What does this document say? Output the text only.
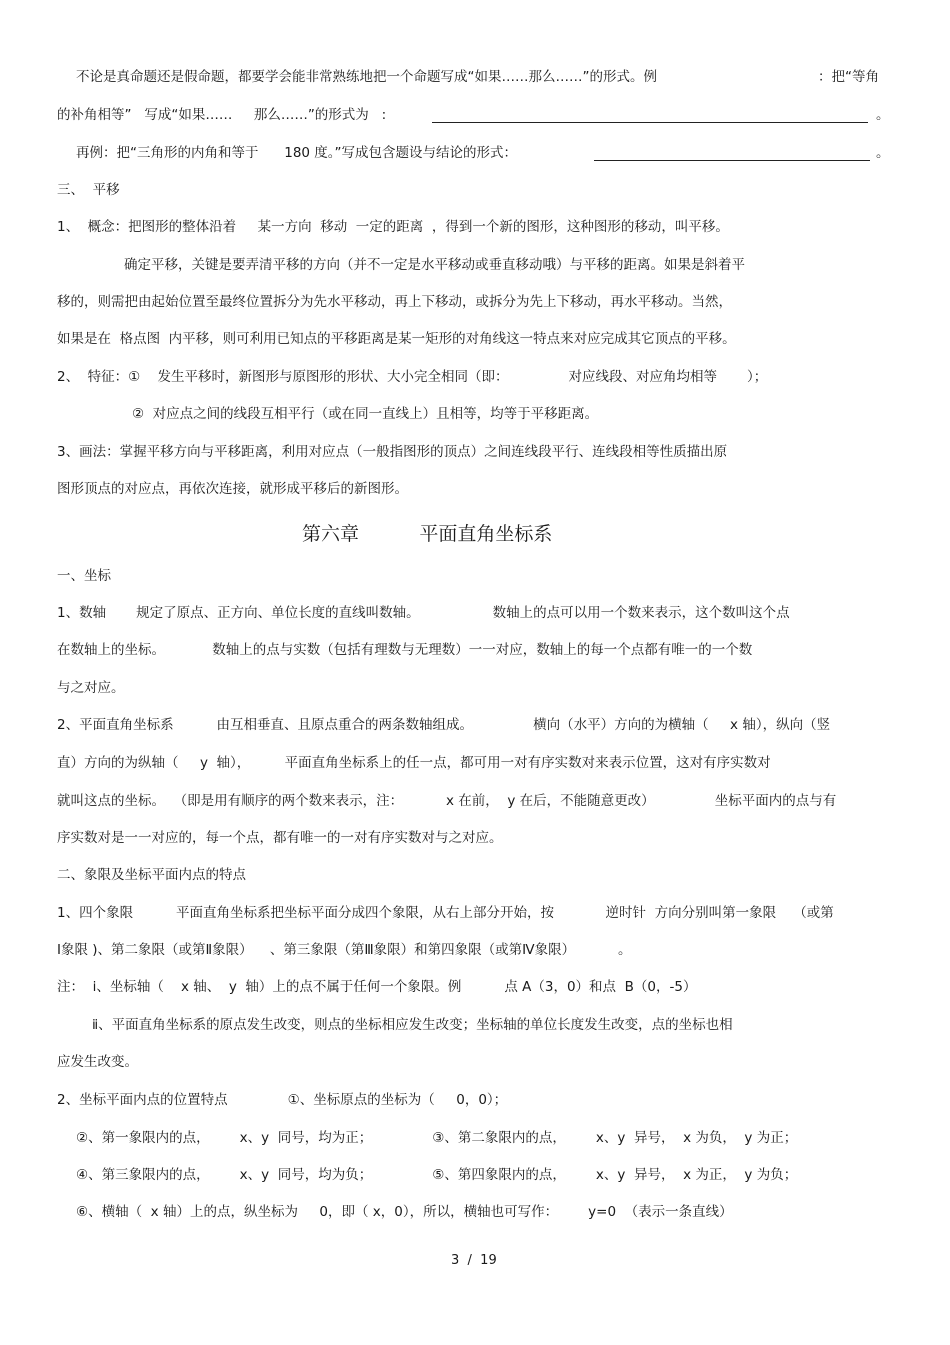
不论是真命题还是假命题，都要学会能非常熟练地把一个命题写成“如果……那么……”的形式。例	：把“等角
的补角相等”   写成“如果……     那么……”的形式为   :	。
再例：把“三角形的内角和等于      180 度。”写成包含题设与结论的形式：	。
三、  平移
1、  概念：把图形的整体沿着     某一方向  移动  一定的距离  ，得到一个新的图形，这种图形的移动，叫平移。
确定平移，关键是要弄清平移的方向（并不一定是水平移动或垂直移动哦）与平移的距离。如果是斜着平
移的，则需把由起始位置至最终位置拆分为先水平移动，再上下移动，或拆分为先上下移动，再水平移动。当然，
如果是在  格点图  内平移，则可利用已知点的平移距离是某一矩形的对角线这一特点来对应完成其它顶点的平移。
2、  特征：①    发生平移时，新图形与原图形的形状、大小完全相同（即：              对应线段、对应角均相等       ）；
②  对应点之间的线段互相平行（或在同一直线上）且相等，均等于平移距离。
3、画法：掌握平移方向与平移距离，利用对应点（一般指图形的顶点）之间连线段平行、连线段相等性质描出原
图形顶点的对应点，再依次连接，就形成平移后的新图形。
第六章          平面直角坐标系
一、坐标
1、数轴       规定了原点、正方向、单位长度的直线叫数轴。                 数轴上的点可以用一个数来表示，这个数叫这个点
在数轴上的坐标。           数轴上的点与实数（包括有理数与无理数）一一对应，数轴上的每一个点都有唯一的一个数
与之对应。
2、平面直角坐标系          由互相垂直、且原点重合的两条数轴组成。              横向（水平）方向的为横轴（     x 轴），纵向（竖
直）方向的为纵轴（     y  轴），        平面直角坐标系上的任一点，都可用一对有序实数对来表示位置，这对有序实数对
就叫这点的坐标。  （即是用有顺序的两个数来表示，注：          x 在前，  y 在后，不能随意更改）              坐标平面内的点与有
序实数对是一一对应的，每一个点，都有唯一的一对有序实数对与之对应。
二、象限及坐标平面内点的特点
1、四个象限          平面直角坐标系把坐标平面分成四个象限，从右上部分开始，按            逆时针  方向分别叫第一象限    （或第
Ⅰ象限 )、第二象限（或第Ⅱ象限）    、第三象限（第Ⅲ象限）和第四象限（或第Ⅳ象限）          。
注：  ⅰ、坐标轴（    x 轴、  y  轴）上的点不属于任何一个象限。例          点 A（3，0）和点  B（0，-5）
ⅱ、平面直角坐标系的原点发生改变，则点的坐标相应发生改变；坐标轴的单位长度发生改变，点的坐标也相
应发生改变。
2、坐标平面内点的位置特点              ①、坐标原点的坐标为（     0，0）；
②、第一象限内的点，       x、y  同号，均为正；              ③、第二象限内的点，       x、y  异号，  x 为负，  y 为正；
④、第三象限内的点，       x、y  同号，均为负；              ⑤、第四象限内的点，       x、y  异号，  x 为正，  y 为负；
⑥、横轴（  x 轴）上的点，纵坐标为     0，即（ x，0），所以，横轴也可写作：       y=0  （表示一条直线）
3  /  19
